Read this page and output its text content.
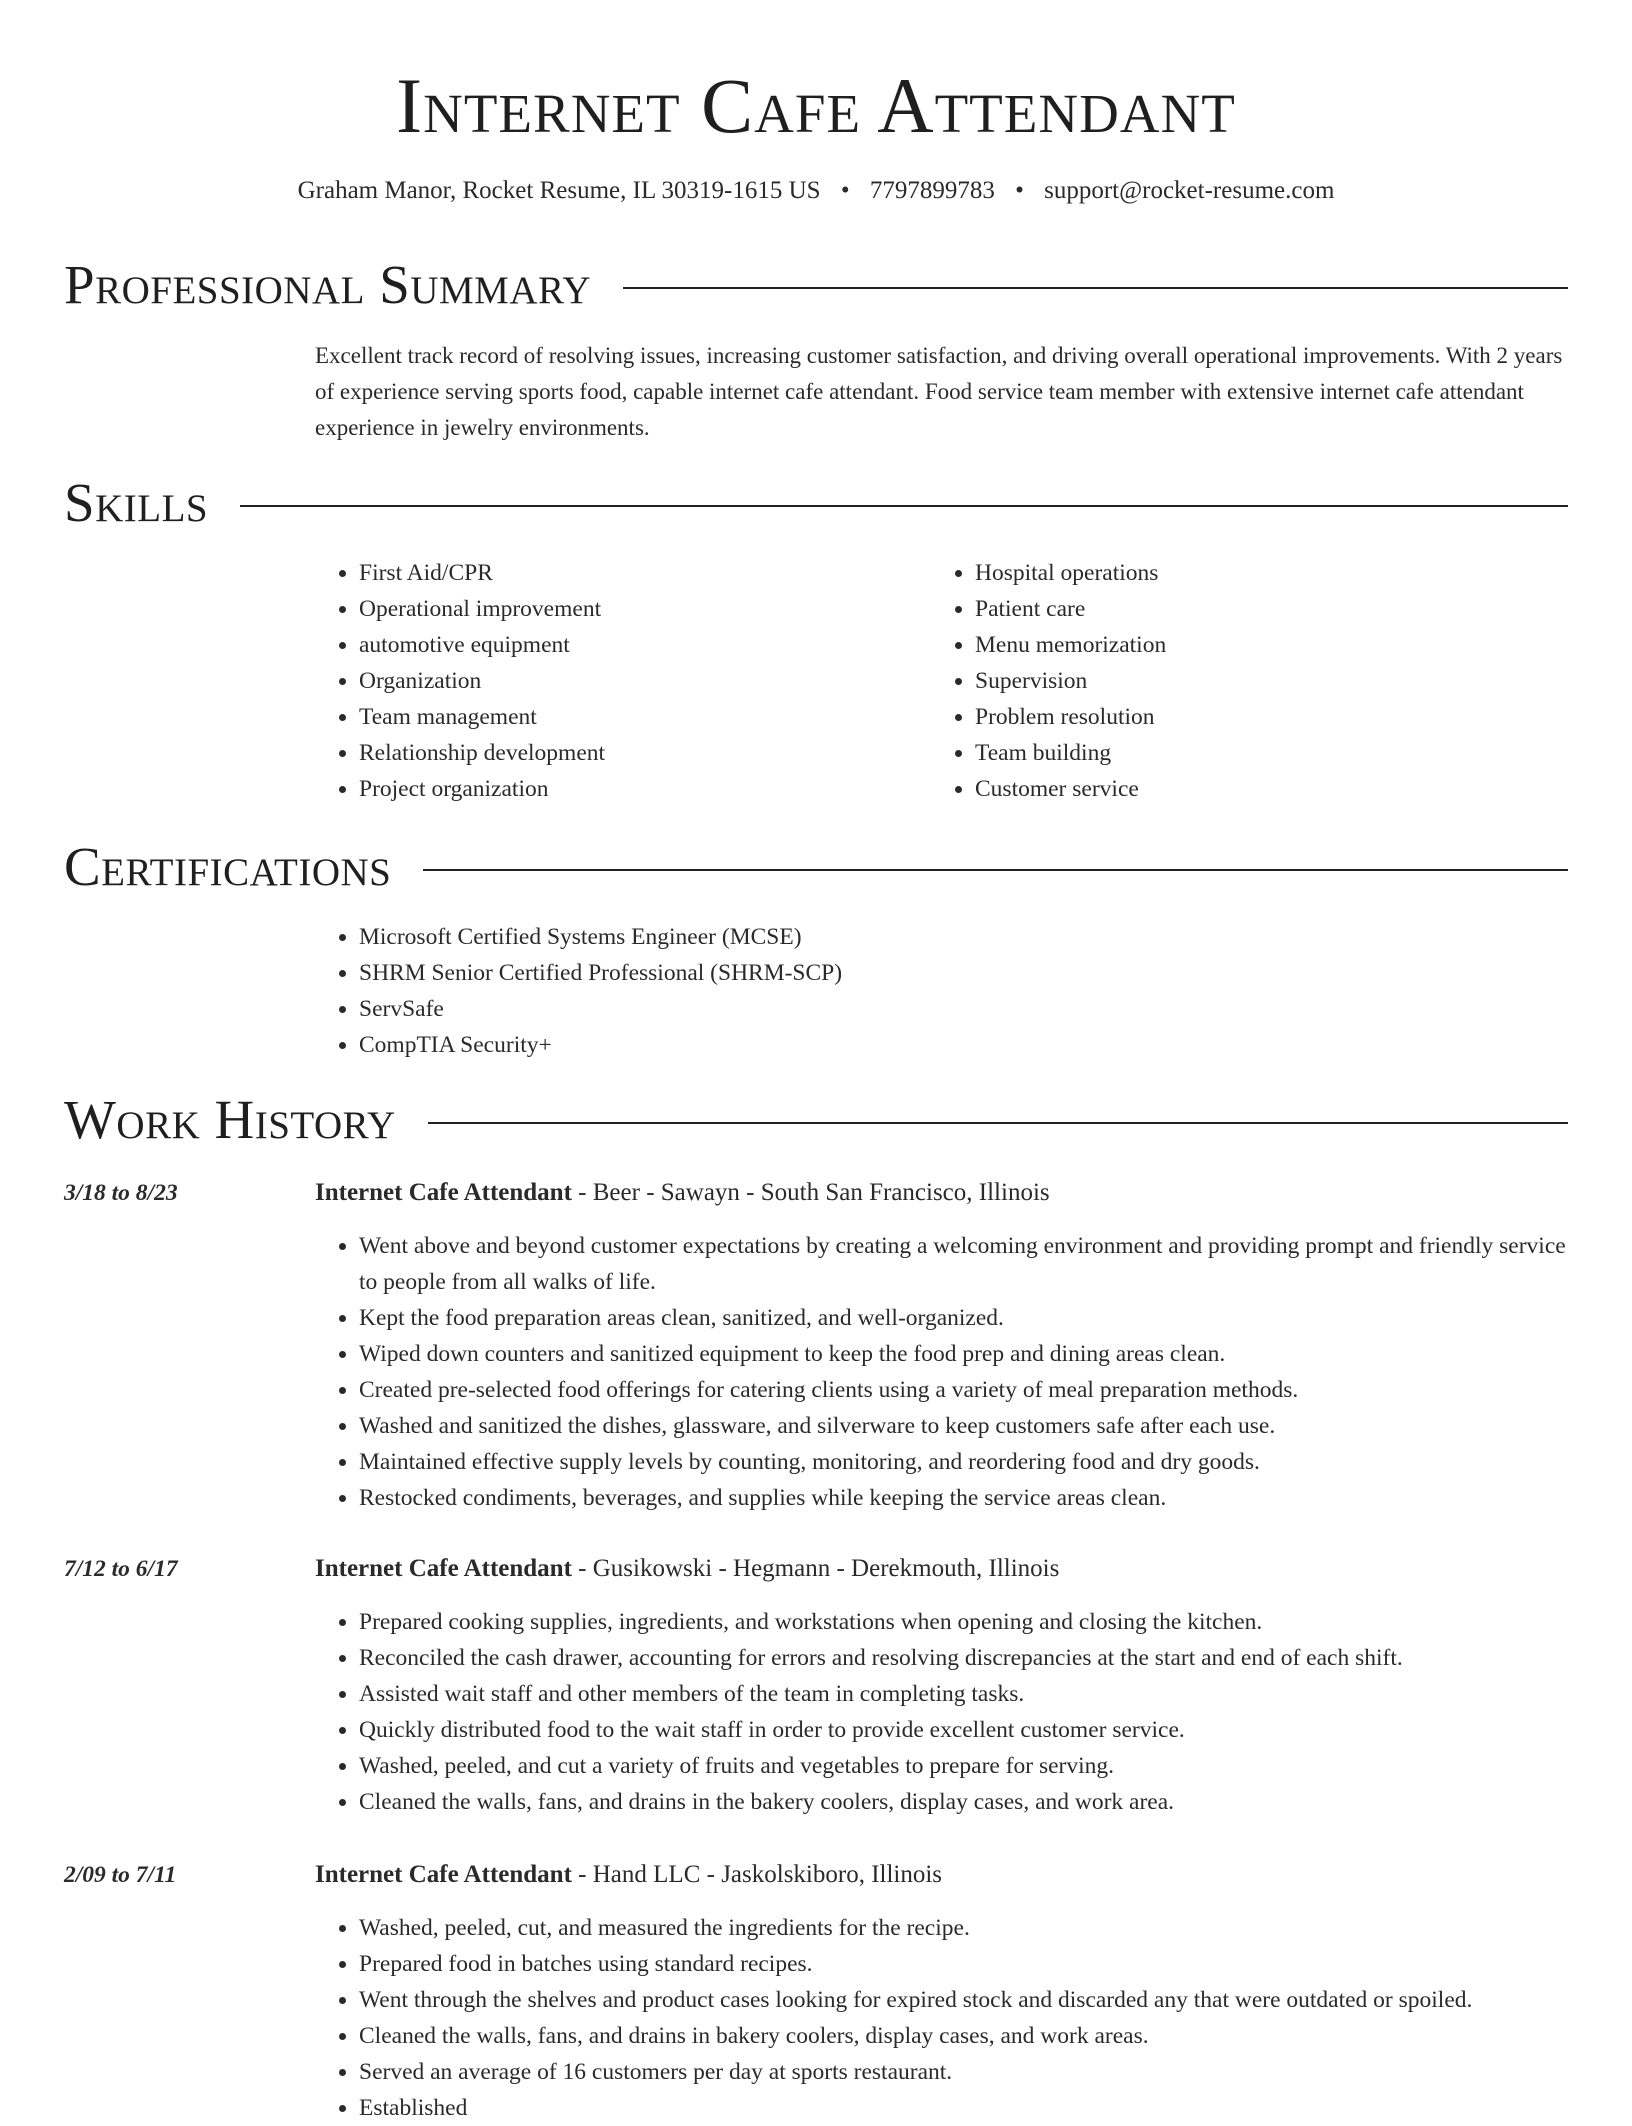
Internet Cafe Attendant
Graham Manor, Rocket Resume, IL 30319-1615 US • 7797899783 • support@rocket-resume.com
Professional Summary

Excellent track record of resolving issues, increasing customer satisfaction, and driving overall operational improvements. With 2 years of experience serving sports food, capable internet cafe attendant. Food service team member with extensive internet cafe attendant experience in jewelry environments.

Skills
• First Aid/CPR
• Operational improvement
• automotive equipment
• Organization
• Team management
• Relationship development
• Project organization
• Hospital operations
• Patient care
• Menu memorization
• Supervision
• Problem resolution
• Team building
• Customer service
Certifications
• Microsoft Certified Systems Engineer (MCSE)
• SHRM Senior Certified Professional (SHRM-SCP)
• ServSafe
• CompTIA Security+
Work History
3/18 to 8/23	Internet Cafe Attendant - Beer - Sawayn - South San Francisco, Illinois
• Went above and beyond customer expectations by creating a welcoming environment and providing prompt and friendly service to people from all walks of life.
• Kept the food preparation areas clean, sanitized, and well-organized.
• Wiped down counters and sanitized equipment to keep the food prep and dining areas clean.
• Created pre-selected food offerings for catering clients using a variety of meal preparation methods.
• Washed and sanitized the dishes, glassware, and silverware to keep customers safe after each use.
• Maintained effective supply levels by counting, monitoring, and reordering food and dry goods.
• Restocked condiments, beverages, and supplies while keeping the service areas clean.
7/12 to 6/17	Internet Cafe Attendant - Gusikowski - Hegmann - Derekmouth, Illinois
• Prepared cooking supplies, ingredients, and workstations when opening and closing the kitchen.
• Reconciled the cash drawer, accounting for errors and resolving discrepancies at the start and end of each shift.
• Assisted wait staff and other members of the team in completing tasks.
• Quickly distributed food to the wait staff in order to provide excellent customer service.
• Washed, peeled, and cut a variety of fruits and vegetables to prepare for serving.
• Cleaned the walls, fans, and drains in the bakery coolers, display cases, and work area.
2/09 to 7/11	Internet Cafe Attendant - Hand LLC - Jaskolskiboro, Illinois
• Washed, peeled, cut, and measured the ingredients for the recipe.
• Prepared food in batches using standard recipes.
• Went through the shelves and product cases looking for expired stock and discarded any that were outdated or spoiled.
• Cleaned the walls, fans, and drains in bakery coolers, display cases, and work areas.
• Served an average of 16 customers per day at sports restaurant.
• Established
